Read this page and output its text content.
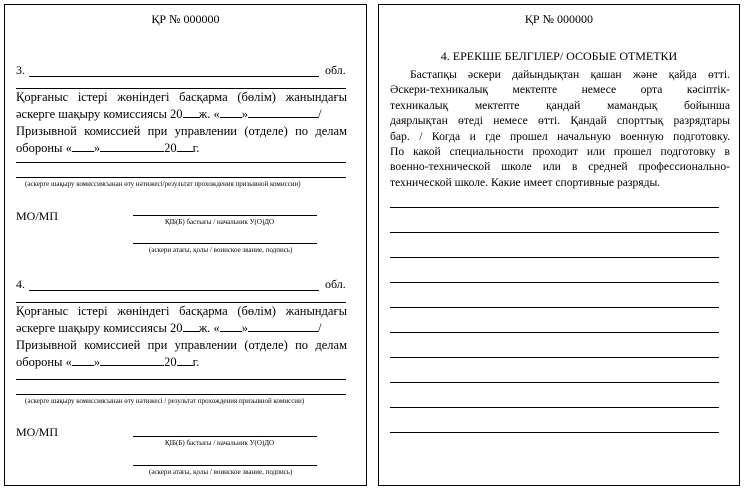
ҚР № 000000
3.	обл.
Қорғаныс істері жөніндегі басқарма (бөлім) жанындағы
әскерге шақыру комиссиясы 20 ж. « »	/
Призывной комиссией при управлении (отделе) по делам
обороны « »	20 г.
(әскерге шақыру комиссиясынан өту нәтижесі/результат прохождения призывной комиссии)
МО/МП	ҚІБ(Б) бастығы / начальник У(О)ДО
(әскери атағы, қолы / воинское звание, подпись)
4.	обл.
Қорғаныс істері жөніндегі басқарма (бөлім) жанындағы
әскерге шақыру комиссиясы 20 ж. « »	/
Призывной комиссией при управлении (отделе) по делам
обороны « »	20 г.
(әскерге шақыру комиссиясынан өту нәтижесі / результат прохождения призывной комиссии)
МО/МП
ҚІБ(Б) бастығы / начальник У(О)ДО
(әскери атағы, қолы / воинское звание, подпись)
ҚР № 000000
4. ЕРЕКШЕ БЕЛГІЛЕР/ ОСОБЫЕ ОТМЕТКИ
Бастапқы әскери дайындықтан қашан және қайда өтті.
Әскери-техникалық мектепте немесе орта кәсіптік-
техникалық мектепте қандай мамандық бойынша
даярлықтан өтеді немесе өтті. Қандай спорттық разрядтары
бар. / Когда и где прошел начальную военную подготовку.
По какой специальности проходит или прошел подготовку в
военно-технической школе или в средней профессионально-
технической школе. Какие имеет спортивные разряды.
